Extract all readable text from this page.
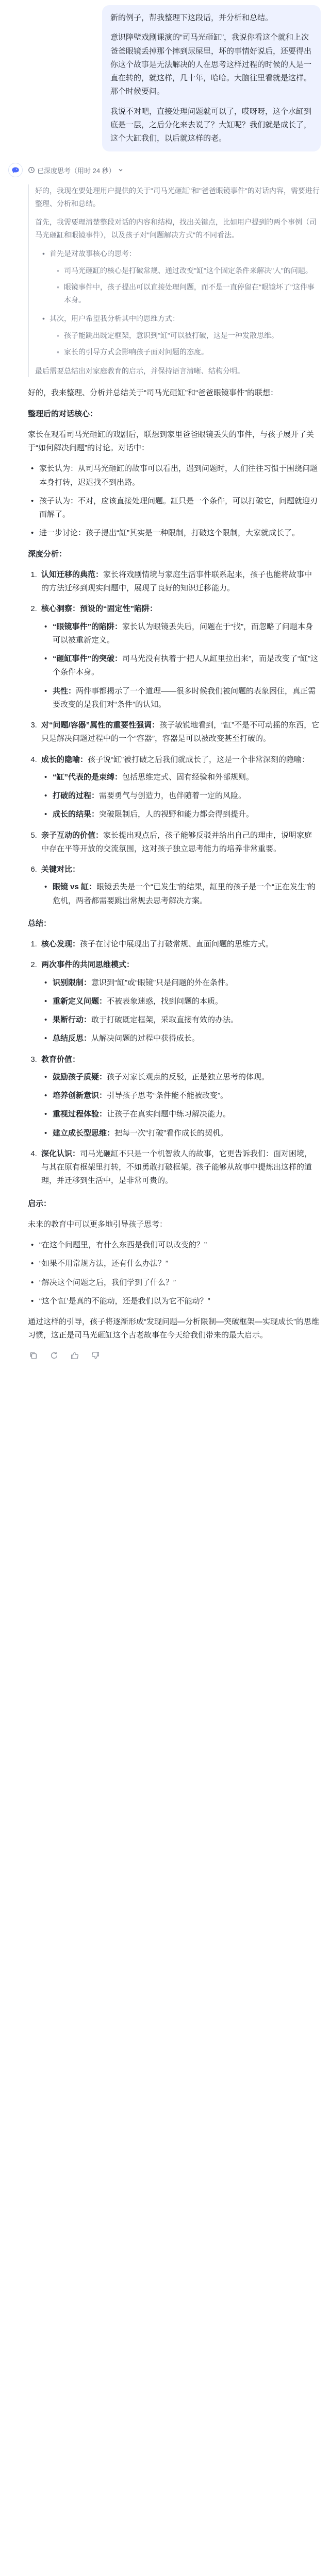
新的例子，帮我整理下这段话，并分析和总结。

意识障壁戏剧课演的“司马光砸缸”，我说你看这个就和上次爸爸眼镜丢掉那个摔到尿屎里，坏的事情好说后，还要得出你这个故事是无法解决的人在思考这样过程的时候的人是一直在转的，就这样，几十年，哈哈。大脑往里看就是这样。那个时候要问。

我说不对吧，直接处理问题就可以了，哎呀呀，这个水缸到底是一层，之后分化来去说了？大缸呢？我们就是成长了，这个大缸我们，以后就这样的老。

已深度思考（用时 24 秒）

好的，我现在要处理用户提供的关于"司马光砸缸"和"爸爸眼镜事件"的对话内容，需要进行整理、分析和总结。

首先，我需要理清楚整段对话的内容和结构，找出关键点，比如用户提到的两个事例（司马光砸缸和眼镜事件），以及孩子对"问题解决方式"的不同看法。

• 首先是对故事核心的思考：
◦ 司马光砸缸的核心是打破常规、通过改变"缸"这个固定条件来解决"人"的问题。
◦ 眼镜事件中，孩子提出可以直接处理问题，而不是一直停留在"眼镜坏了"这件事本身。
• 其次，用户希望我分析其中的思维方式：
◦ 孩子能跳出既定框架，意识到"缸"可以被打破，这是一种发散思维。
◦ 家长的引导方式会影响孩子面对问题的态度。

最后需要总结出对家庭教育的启示，并保持语言清晰、结构分明。

好的，我来整理、分析并总结关于“司马光砸缸”和“爸爸眼镜事件”的联想：

整理后的对话核心：

家长在观看司马光砸缸的戏剧后，联想到家里爸爸眼镜丢失的事件，与孩子展开了关于“如何解决问题”的讨论。对话中：

• 家长认为：从司马光砸缸的故事可以看出，遇到问题时，人们往往习惯于围绕问题本身打转，迟迟找不到出路。
• 孩子认为：不对，应该直接处理问题。缸只是一个条件，可以打破它，问题就迎刃而解了。
• 进一步讨论：孩子提出“缸”其实是一种限制，打破这个限制，大家就成长了。
深度分析：
1. 认知迁移的典范：家长将戏剧情境与家庭生活事件联系起来，孩子也能将故事中的方法迁移到现实问题中，展现了良好的知识迁移能力。
2. 核心洞察：预设的“固定性”陷阱：
• “眼镜事件”的陷阱：家长认为眼镜丢失后，问题在于“找”，而忽略了问题本身可以被重新定义。
• “砸缸事件”的突破：司马光没有执着于“把人从缸里拉出来”，而是改变了“缸”这个条件本身。
• 共性：两件事都揭示了一个道理——很多时候我们被问题的表象困住，真正需要改变的是我们对“条件”的认知。
3. 对“问题/容器”属性的重要性强调：孩子敏锐地看到，“缸”不是不可动摇的东西，它只是解决问题过程中的一个“容器”，容器是可以被改变甚至打破的。
4. 成长的隐喻：孩子说“缸”被打破之后我们就成长了，这是一个非常深刻的隐喻：
• “缸”代表的是束缚：包括思维定式、固有经验和外部规则。
• 打破的过程：需要勇气与创造力，也伴随着一定的风险。
• 成长的结果：突破限制后，人的视野和能力都会得到提升。
5. 亲子互动的价值：家长提出观点后，孩子能够反驳并给出自己的理由，说明家庭中存在平等开放的交流氛围，这对孩子独立思考能力的培养非常重要。
6. 关键对比：
• 眼镜 vs 缸：眼镜丢失是一个“已发生”的结果，缸里的孩子是一个“正在发生”的危机，两者都需要跳出常规去思考解决方案。
总结：
1. 核心发现：孩子在讨论中展现出了打破常规、直面问题的思维方式。
2. 两次事件的共同思维模式：
• 识别限制：意识到“缸”或“眼镜”只是问题的外在条件。
• 重新定义问题：不被表象迷惑，找到问题的本质。
• 果断行动：敢于打破既定框架，采取直接有效的办法。
• 总结反思：从解决问题的过程中获得成长。
3. 教育价值：
• 鼓励孩子质疑：孩子对家长观点的反驳，正是独立思考的体现。
• 培养创新意识：引导孩子思考“条件能不能被改变”。
• 重视过程体验：让孩子在真实问题中练习解决能力。
• 建立成长型思维：把每一次“打破”看作成长的契机。
4. 深化认识：司马光砸缸不只是一个机智救人的故事，它更告诉我们：面对困境，与其在原有框架里打转，不如勇敢打破框架。孩子能够从故事中提炼出这样的道理，并迁移到生活中，是非常可贵的。
启示：

未来的教育中可以更多地引导孩子思考：

• “在这个问题里，有什么东西是我们可以改变的？”
• “如果不用常规方法，还有什么办法？”
• “解决这个问题之后，我们学到了什么？”
• “这个‘缸’是真的不能动，还是我们以为它不能动？”

通过这样的引导，孩子将逐渐形成“发现问题—分析限制—突破框架—实现成长”的思维习惯，这正是司马光砸缸这个古老故事在今天给我们带来的最大启示。
